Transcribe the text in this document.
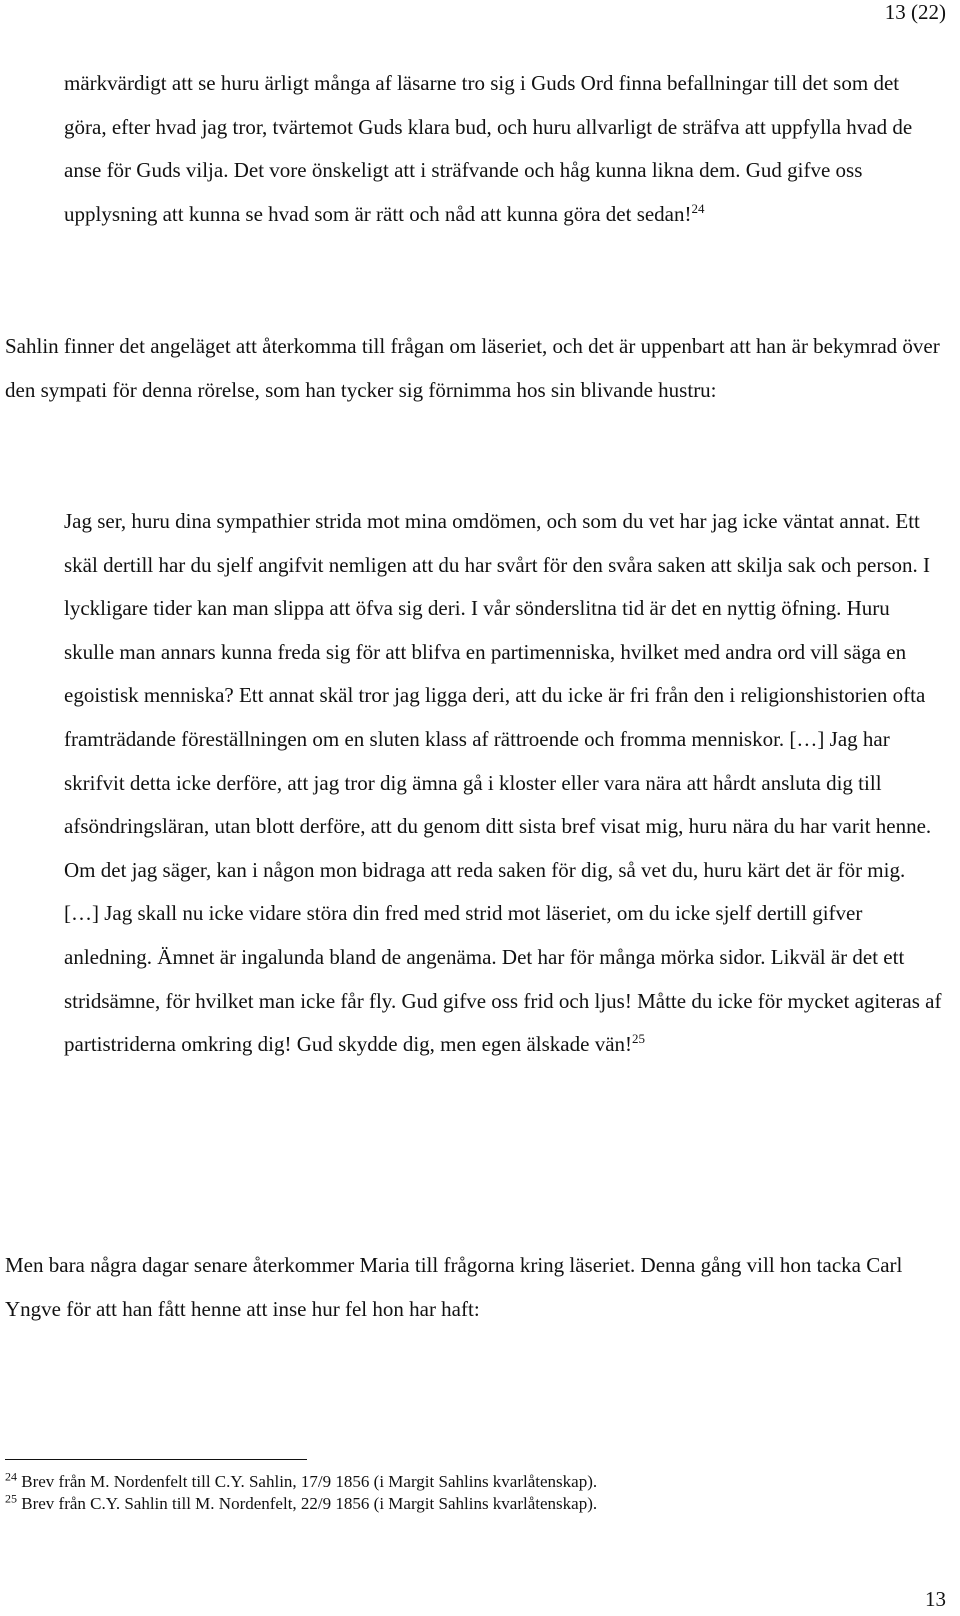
13 (22)

märkvärdigt att se huru ärligt många af läsarne tro sig i Guds Ord finna befallningar till det som det göra, efter hvad jag tror, tvärtemot Guds klara bud, och huru allvarligt de sträfva att uppfylla hvad de anse för Guds vilja. Det vore önskeligt att i sträfvande och håg kunna likna dem. Gud gifve oss upplysning att kunna se hvad som är rätt och nåd att kunna göra det sedan!$^{24}$

Sahlin finner det angeläget att återkomma till frågan om läseriet, och det är uppenbart att han är bekymrad över den sympati för denna rörelse, som han tycker sig förnimma hos sin blivande hustru:

Jag ser, huru dina sympathier strida mot mina omdömen, och som du vet har jag icke väntat annat. Ett skäl dertill har du sjelf angifvit nemligen att du har svårt för den svåra saken att skilja sak och person. I lyckligare tider kan man slippa att öfva sig deri. I vår sönderslitna tid är det en nyttig öfning. Huru skulle man annars kunna freda sig för att blifva en partimenniska, hvilket med andra ord vill säga en egoistisk menniska? Ett annat skäl tror jag ligga deri, att du icke är fri från den i religionshistorien ofta framträdande föreställningen om en sluten klass af rättroende och fromma menniskor. […] Jag har skrifvit detta icke derföre, att jag tror dig ämna gå i kloster eller vara nära att hårdt ansluta dig till afsöndringsläran, utan blott derföre, att du genom ditt sista bref visat mig, huru nära du har varit henne. Om det jag säger, kan i någon mon bidraga att reda saken för dig, så vet du, huru kärt det är för mig. […] Jag skall nu icke vidare störa din fred med strid mot läseriet, om du icke sjelf dertill gifver anledning. Ämnet är ingalunda bland de angenäma. Det har för många mörka sidor. Likväl är det ett stridsämne, för hvilket man icke får fly. Gud gifve oss frid och ljus! Måtte du icke för mycket agiteras af partistriderna omkring dig! Gud skydde dig, men egen älskade vän!$^{25}$

Men bara några dagar senare återkommer Maria till frågorna kring läseriet. Denna gång vill hon tacka Carl Yngve för att han fått henne att inse hur fel hon har haft:

$^{24}$ Brev från M. Nordenfelt till C.Y. Sahlin, 17/9 1856 (i Margit Sahlins kvarlåtenskap).

$^{25}$ Brev från C.Y. Sahlin till M. Nordenfelt, 22/9 1856 (i Margit Sahlins kvarlåtenskap).

13
